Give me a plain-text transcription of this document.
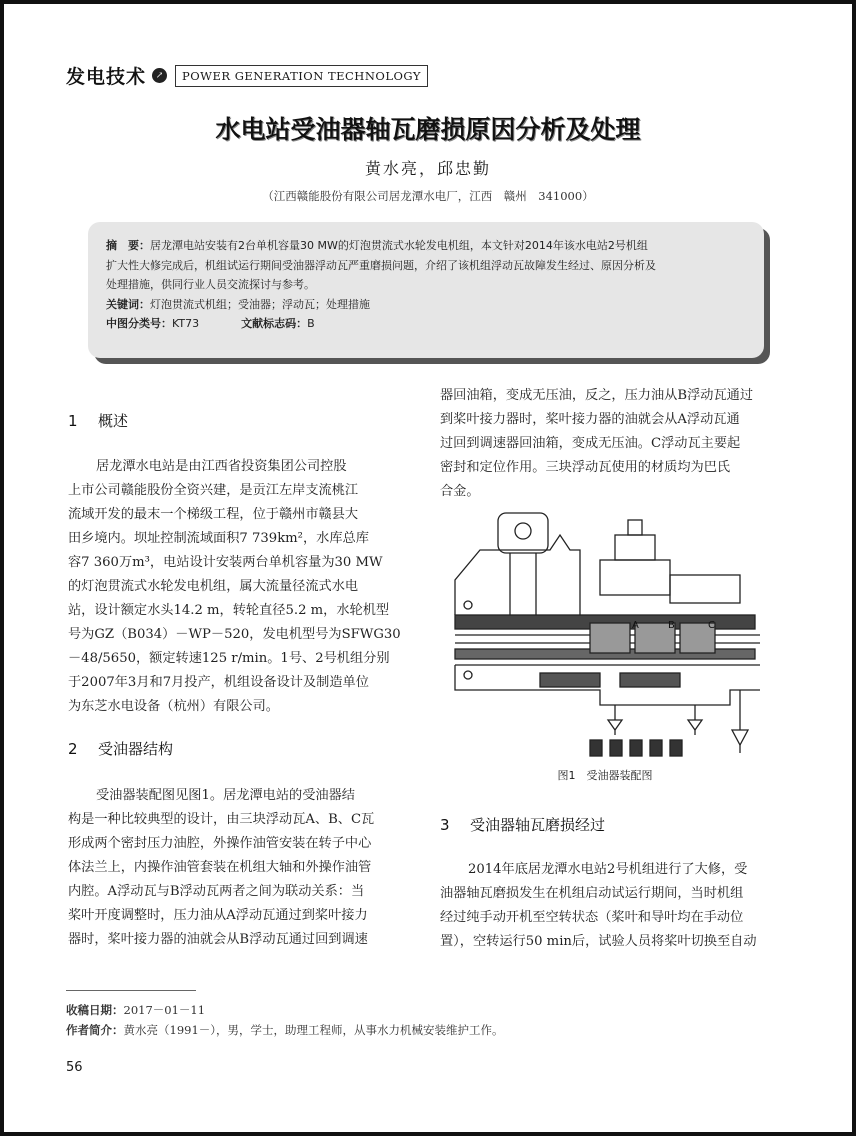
发电技术	↗	POWER GENERATION TECHNOLOGY
水电站受油器轴瓦磨损原因分析及处理
黄水亮，邱忠勤
（江西赣能股份有限公司居龙潭水电厂，江西　赣州　341000）
摘　要：居龙潭电站安装有2台单机容量30 MW的灯泡贯流式水轮发电机组，本文针对2014年该水电站2号机组
扩大性大修完成后，机组试运行期间受油器浮动瓦严重磨损问题，介绍了该机组浮动瓦故障发生经过、原因分析及
处理措施，供同行业人员交流探讨与参考。
关键词：灯泡贯流式机组；受油器；浮动瓦；处理措施
中图分类号：KT73	文献标志码：B
1 概述
居龙潭水电站是由江西省投资集团公司控股
上市公司赣能股份全资兴建，是贡江左岸支流桃江
流域开发的最末一个梯级工程，位于赣州市赣县大
田乡境内。坝址控制流域面积7 739km²，水库总库
容7 360万m³，电站设计安装两台单机容量为30 MW
的灯泡贯流式水轮发电机组，属大流量径流式水电
站，设计额定水头14.2 m，转轮直径5.2 m，水轮机型
号为GZ（B034）－WP－520，发电机型号为SFWG30
－48/5650，额定转速125 r/min。1号、2号机组分别
于2007年3月和7月投产，机组设备设计及制造单位
为东芝水电设备（杭州）有限公司。
2 受油器结构
受油器装配图见图1。居龙潭电站的受油器结
构是一种比较典型的设计，由三块浮动瓦A、B、C瓦
形成两个密封压力油腔，外操作油管安装在转子中心
体法兰上，内操作油管套装在机组大轴和外操作油管
内腔。A浮动瓦与B浮动瓦两者之间为联动关系：当
桨叶开度调整时，压力油从A浮动瓦通过到桨叶接力
器时，桨叶接力器的油就会从B浮动瓦通过回到调速
器回油箱，变成无压油，反之，压力油从B浮动瓦通过
到桨叶接力器时，桨叶接力器的油就会从A浮动瓦通
过回到调速器回油箱，变成无压油。C浮动瓦主要起
密封和定位作用。三块浮动瓦使用的材质均为巴氏
合金。
A	B	C
图1　受油器装配图
3 受油器轴瓦磨损经过
2014年底居龙潭水电站2号机组进行了大修，受
油器轴瓦磨损发生在机组启动试运行期间，当时机组
经过纯手动开机至空转状态（桨叶和导叶均在手动位
置），空转运行50 min后，试验人员将桨叶切换至自动
收稿日期：2017－01－11
作者简介：黄水亮（1991－），男，学士，助理工程师，从事水力机械安装维护工作。
56
